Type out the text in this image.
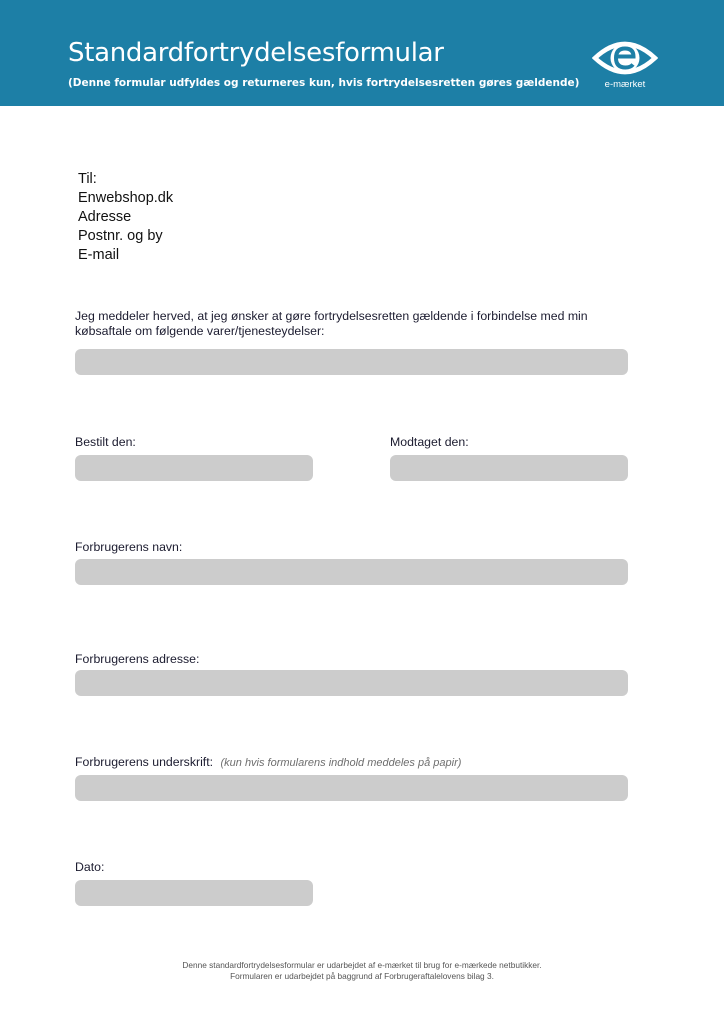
Standardfortrydelsesformular
(Denne formular udfyldes og returneres kun, hvis fortrydelsesretten gøres gældende)	e-mærket
Til:
Enwebshop.dk
Adresse
Postnr. og by
E-mail
Jeg meddeler herved, at jeg ønsker at gøre fortrydelsesretten gældende i forbindelse med min købsaftale om følgende varer/tjenesteydelser:
Bestilt den:	Modtaget den:
Forbrugerens navn:
Forbrugerens adresse:
Forbrugerens underskrift: (kun hvis formularens indhold meddeles på papir)
Dato:
Denne standardfortrydelsesformular er udarbejdet af e-mærket til brug for e-mærkede netbutikker.
Formularen er udarbejdet på baggrund af Forbrugeraftalelovens bilag 3.
